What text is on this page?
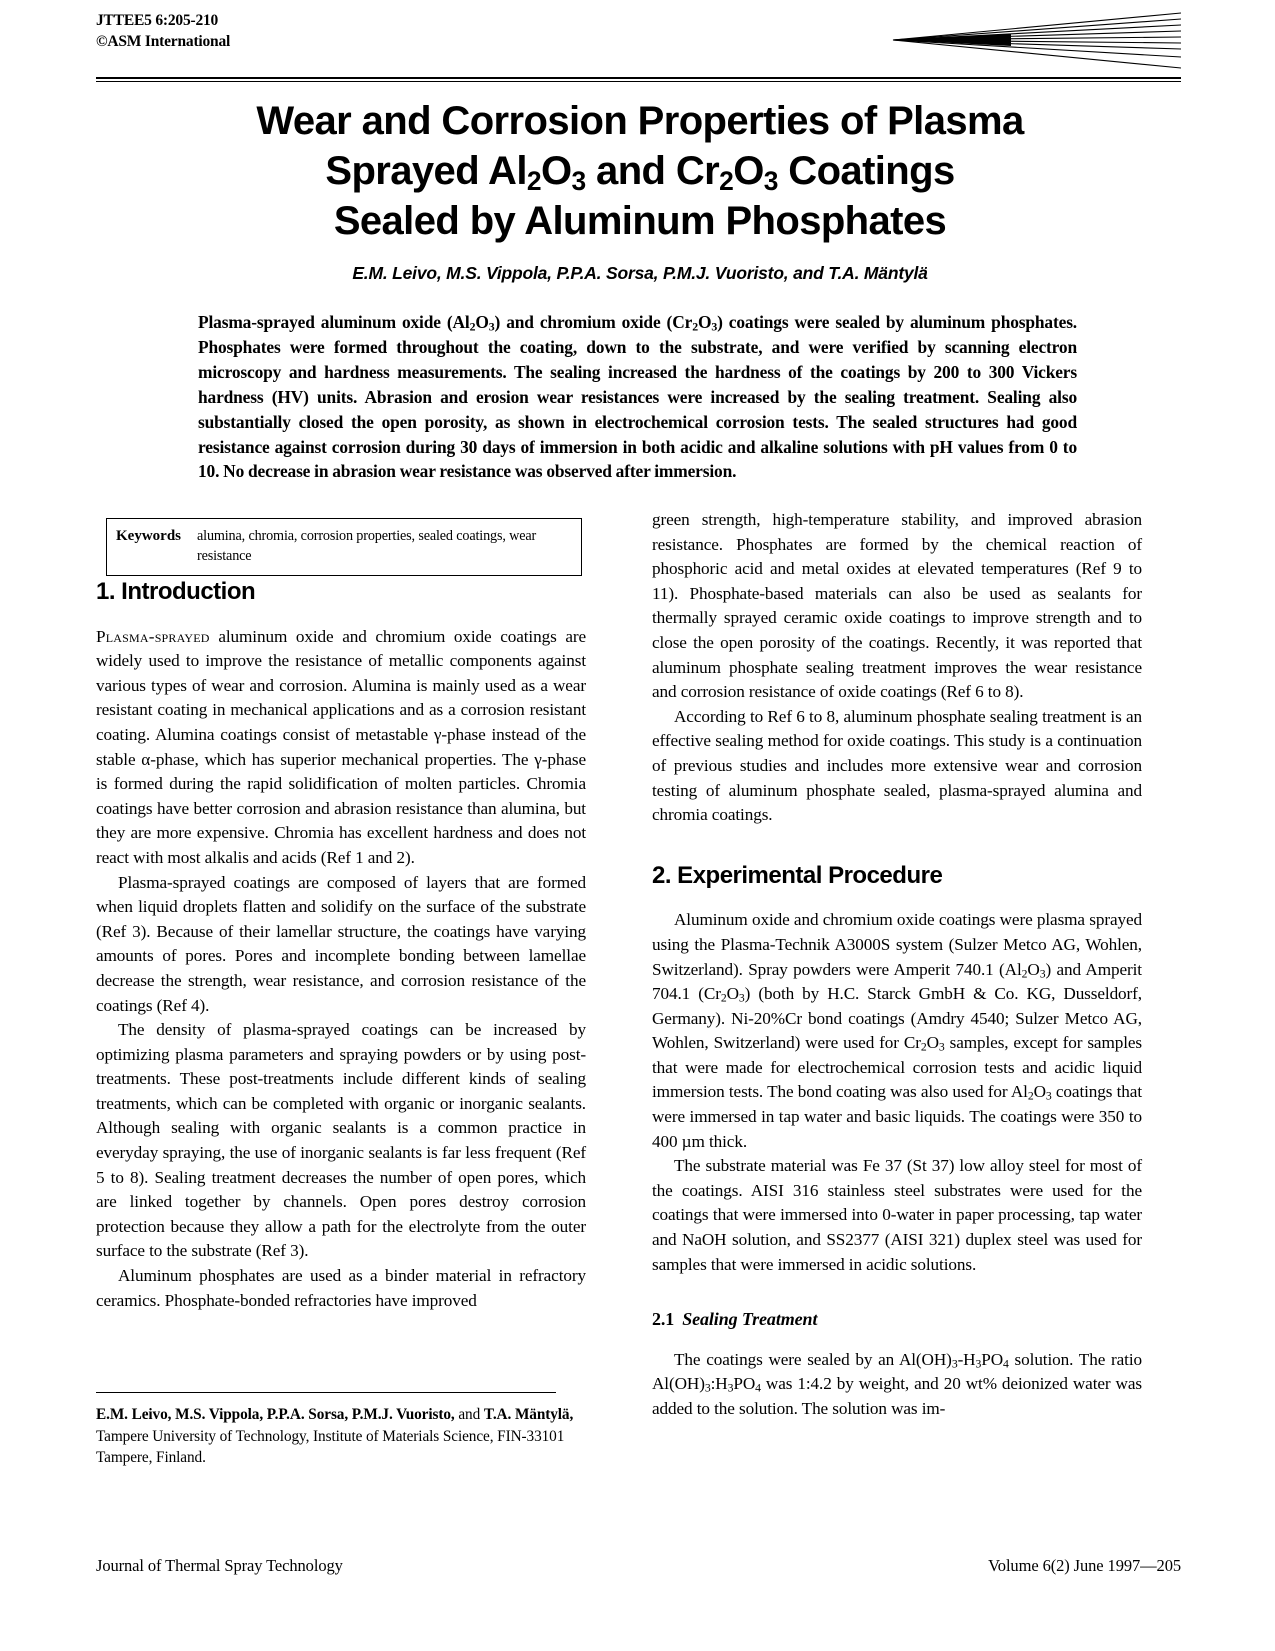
JTTEE5 6:205-210
©ASM International
Wear and Corrosion Properties of Plasma
Sprayed $Al_2O_3$ and $Cr_2O_3$ Coatings
Sealed by Aluminum Phosphates
E.M. Leivo, M.S. Vippola, P.P.A. Sorsa, P.M.J. Vuoristo, and T.A. Mäntylä
Plasma-sprayed aluminum oxide $(Al_2O_3)$ and chromium oxide $(Cr_2O_3)$ coatings were sealed by aluminum phosphates. Phosphates were formed throughout the coating, down to the substrate, and were verified by scanning electron microscopy and hardness measurements. The sealing increased the hardness of the coatings by 200 to 300 Vickers hardness (HV) units. Abrasion and erosion wear resistances were increased by the sealing treatment. Sealing also substantially closed the open porosity, as shown in electrochemical corrosion tests. The sealed structures had good resistance against corrosion during 30 days of immersion in both acidic and alkaline solutions with pH values from 0 to 10. No decrease in abrasion wear resistance was observed after immersion.
Keywords	alumina, chromia, corrosion properties, sealed coatings, wear resistance
1. Introduction

Plasma-sprayed aluminum oxide and chromium oxide coatings are widely used to improve the resistance of metallic components against various types of wear and corrosion. Alumina is mainly used as a wear resistant coating in mechanical applications and as a corrosion resistant coating. Alumina coatings consist of metastable γ-phase instead of the stable α-phase, which has superior mechanical properties. The γ-phase is formed during the rapid solidification of molten particles. Chromia coatings have better corrosion and abrasion resistance than alumina, but they are more expensive. Chromia has excellent hardness and does not react with most alkalis and acids (Ref 1 and 2).

Plasma-sprayed coatings are composed of layers that are formed when liquid droplets flatten and solidify on the surface of the substrate (Ref 3). Because of their lamellar structure, the coatings have varying amounts of pores. Pores and incomplete bonding between lamellae decrease the strength, wear resistance, and corrosion resistance of the coatings (Ref 4).

The density of plasma-sprayed coatings can be increased by optimizing plasma parameters and spraying powders or by using post-treatments. These post-treatments include different kinds of sealing treatments, which can be completed with organic or inorganic sealants. Although sealing with organic sealants is a common practice in everyday spraying, the use of inorganic sealants is far less frequent (Ref 5 to 8). Sealing treatment decreases the number of open pores, which are linked together by channels. Open pores destroy corrosion protection because they allow a path for the electrolyte from the outer surface to the substrate (Ref 3).

Aluminum phosphates are used as a binder material in refractory ceramics. Phosphate-bonded refractories have improved

green strength, high-temperature stability, and improved abrasion resistance. Phosphates are formed by the chemical reaction of phosphoric acid and metal oxides at elevated temperatures (Ref 9 to 11). Phosphate-based materials can also be used as sealants for thermally sprayed ceramic oxide coatings to improve strength and to close the open porosity of the coatings. Recently, it was reported that aluminum phosphate sealing treatment improves the wear resistance and corrosion resistance of oxide coatings (Ref 6 to 8).

According to Ref 6 to 8, aluminum phosphate sealing treatment is an effective sealing method for oxide coatings. This study is a continuation of previous studies and includes more extensive wear and corrosion testing of aluminum phosphate sealed, plasma-sprayed alumina and chromia coatings.

2. Experimental Procedure

Aluminum oxide and chromium oxide coatings were plasma sprayed using the Plasma-Technik A3000S system (Sulzer Metco AG, Wohlen, Switzerland). Spray powders were Amperit 740.1 $(Al_2O_3)$ and Amperit 704.1 $(Cr_2O_3)$ (both by H.C. Starck GmbH & Co. KG, Dusseldorf, Germany). Ni-20%Cr bond coatings (Amdry 4540; Sulzer Metco AG, Wohlen, Switzerland) were used for $Cr_2O_3$ samples, except for samples that were made for electrochemical corrosion tests and acidic liquid immersion tests. The bond coating was also used for $Al_2O_3$ coatings that were immersed in tap water and basic liquids. The coatings were 350 to 400 µm thick.

The substrate material was Fe 37 (St 37) low alloy steel for most of the coatings. AISI 316 stainless steel substrates were used for the coatings that were immersed into 0-water in paper processing, tap water and NaOH solution, and SS2377 (AISI 321) duplex steel was used for samples that were immersed in acidic solutions.

2.1 Sealing Treatment

The coatings were sealed by an $Al(OH)_3-H_3PO_4$ solution. The ratio $Al(OH)_3:H_3PO_4$ was 1:4.2 by weight, and 20 wt% deionized water was added to the solution. The solution was im-

E.M. Leivo, M.S. Vippola, P.P.A. Sorsa, P.M.J. Vuoristo, and T.A. Mäntylä, Tampere University of Technology, Institute of Materials Science, FIN-33101 Tampere, Finland.
Journal of Thermal Spray Technology	Volume 6(2) June 1997—205
